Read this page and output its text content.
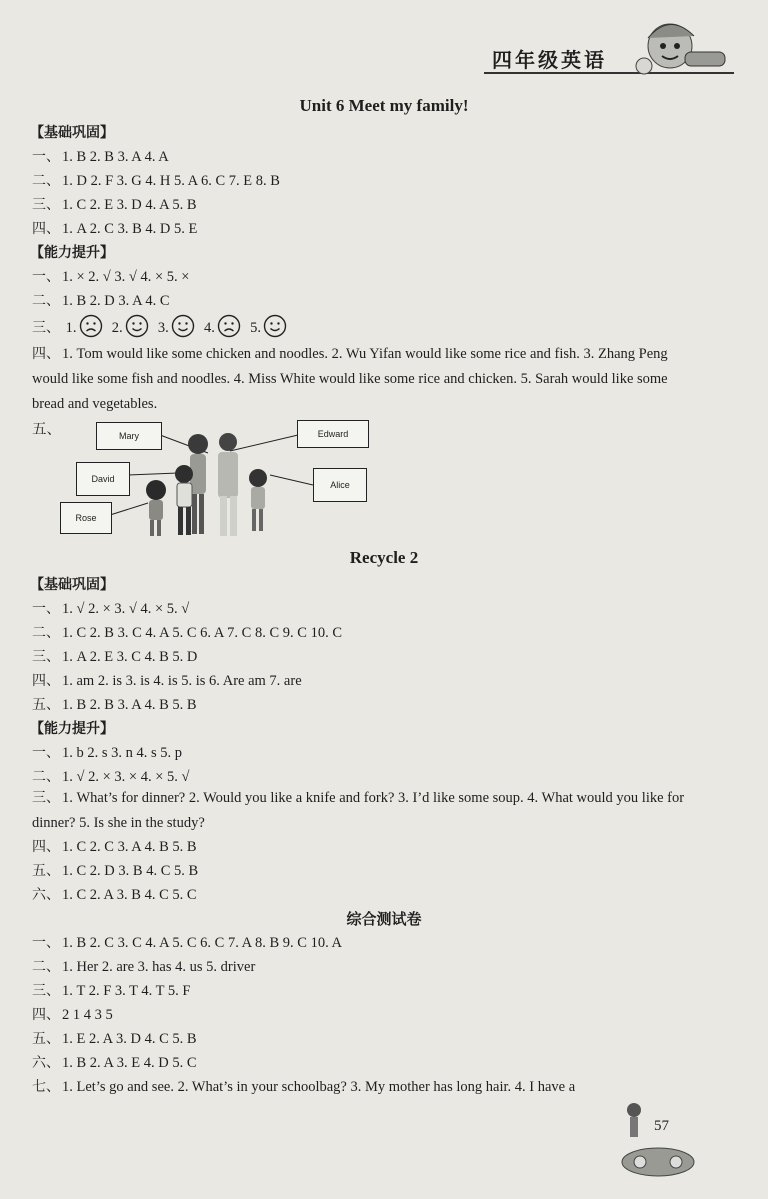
四年级英语
Unit 6 Meet my family!
【基础巩固】
一、 1. B 2. B 3. A 4. A
二、 1. D 2. F 3. G 4. H 5. A 6. C 7. E 8. B
三、 1. C 2. E 3. D 4. A 5. B
四、 1. A 2. C 3. B 4. D 5. E
【能力提升】
一、 1. × 2. √ 3. √ 4. × 5. ×
二、 1. B 2. D 3. A 4. C
三、 1. 2. 3. 4. 5.
四、 1. Tom would like some chicken and noodles. 2. Wu Yifan would like some rice and fish. 3. Zhang Peng would like some fish and noodles. 4. Miss White would like some rice and chicken. 5. Sarah would like some bread and vegetables.
五、	Mary	Edward
David
Alice
Rose
Recycle 2
【基础巩固】
一、 1. √ 2. × 3. √ 4. × 5. √
二、 1. C 2. B 3. C 4. A 5. C 6. A 7. C 8. C 9. C 10. C
三、 1. A 2. E 3. C 4. B 5. D
四、 1. am 2. is 3. is 4. is 5. is 6. Are am 7. are
五、 1. B 2. B 3. A 4. B 5. B
【能力提升】
一、 1. b 2. s 3. n 4. s 5. p
二、 1. √ 2. × 3. × 4. × 5. √
三、 1. What’s for dinner? 2. Would you like a knife and fork? 3. I’d like some soup. 4. What would you like for dinner? 5. Is she in the study?
四、 1. C 2. C 3. A 4. B 5. B
五、 1. C 2. D 3. B 4. C 5. B
六、 1. C 2. A 3. B 4. C 5. C
综合测试卷
一、 1. B 2. C 3. C 4. A 5. C 6. C 7. A 8. B 9. C 10. A
二、 1. Her 2. are 3. has 4. us 5. driver
三、 1. T 2. F 3. T 4. T 5. F
四、 2 1 4 3 5
五、 1. E 2. A 3. D 4. C 5. B
六、 1. B 2. A 3. E 4. D 5. C
七、 1. Let’s go and see. 2. What’s in your schoolbag? 3. My mother has long hair. 4. I have a
57
